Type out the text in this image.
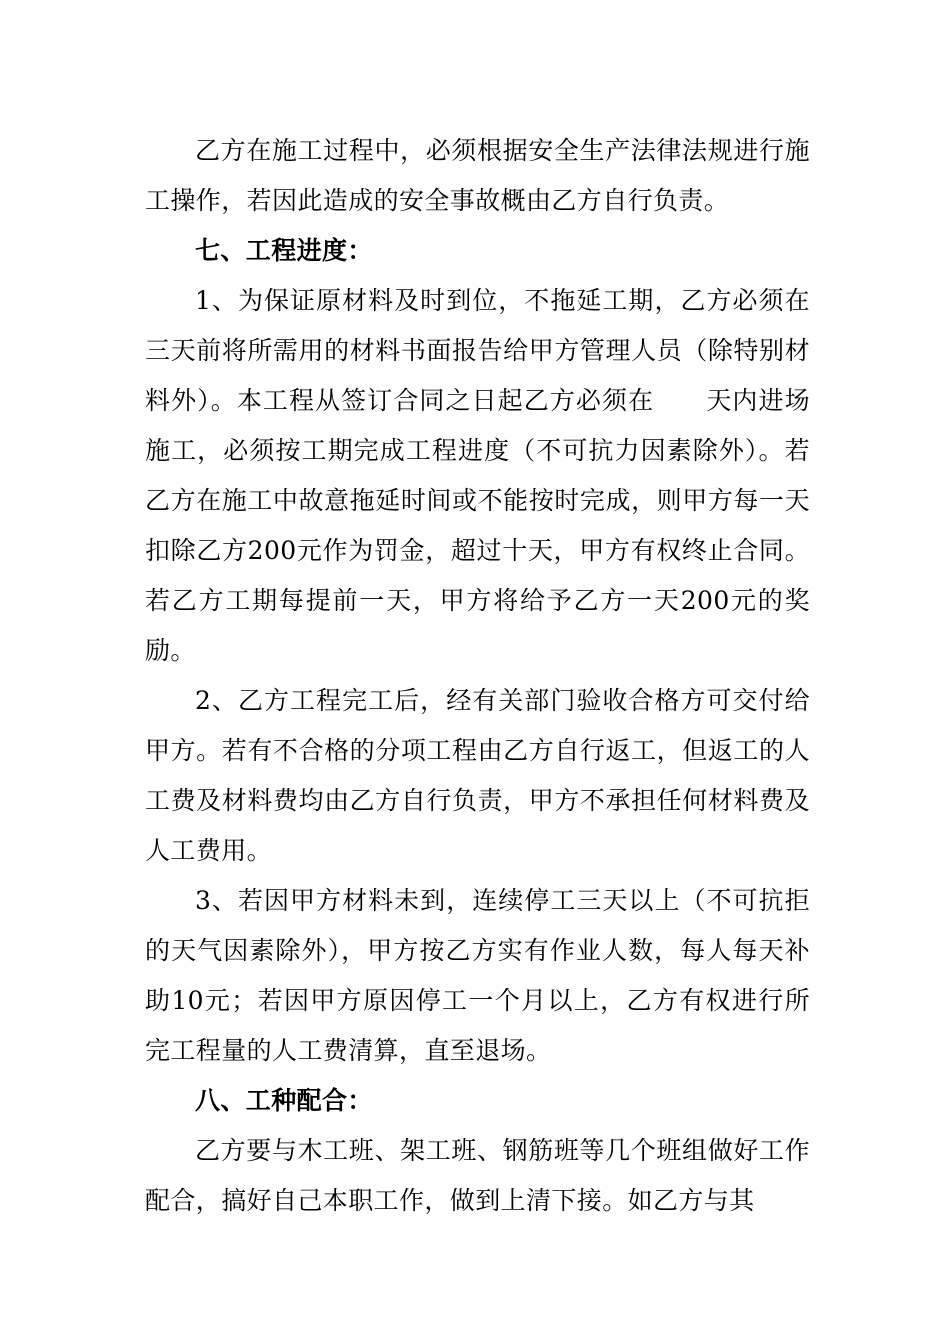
乙方在施工过程中，必须根据安全生产法律法规进行施工操作，若因此造成的安全事故概由乙方自行负责。

七、工程进度：

1、为保证原材料及时到位，不拖延工期，乙方必须在三天前将所需用的材料书面报告给甲方管理人员（除特别材料外）。本工程从签订合同之日起乙方必须在　　天内进场施工，必须按工期完成工程进度（不可抗力因素除外）。若乙方在施工中故意拖延时间或不能按时完成，则甲方每一天扣除乙方200元作为罚金，超过十天，甲方有权终止合同。若乙方工期每提前一天，甲方将给予乙方一天200元的奖励。

2、乙方工程完工后，经有关部门验收合格方可交付给甲方。若有不合格的分项工程由乙方自行返工，但返工的人工费及材料费均由乙方自行负责，甲方不承担任何材料费及人工费用。

3、若因甲方材料未到，连续停工三天以上（不可抗拒的天气因素除外），甲方按乙方实有作业人数，每人每天补助10元；若因甲方原因停工一个月以上，乙方有权进行所完工程量的人工费清算，直至退场。

八、工种配合：

乙方要与木工班、架工班、钢筋班等几个班组做好工作配合，搞好自己本职工作，做到上清下接。如乙方与其
